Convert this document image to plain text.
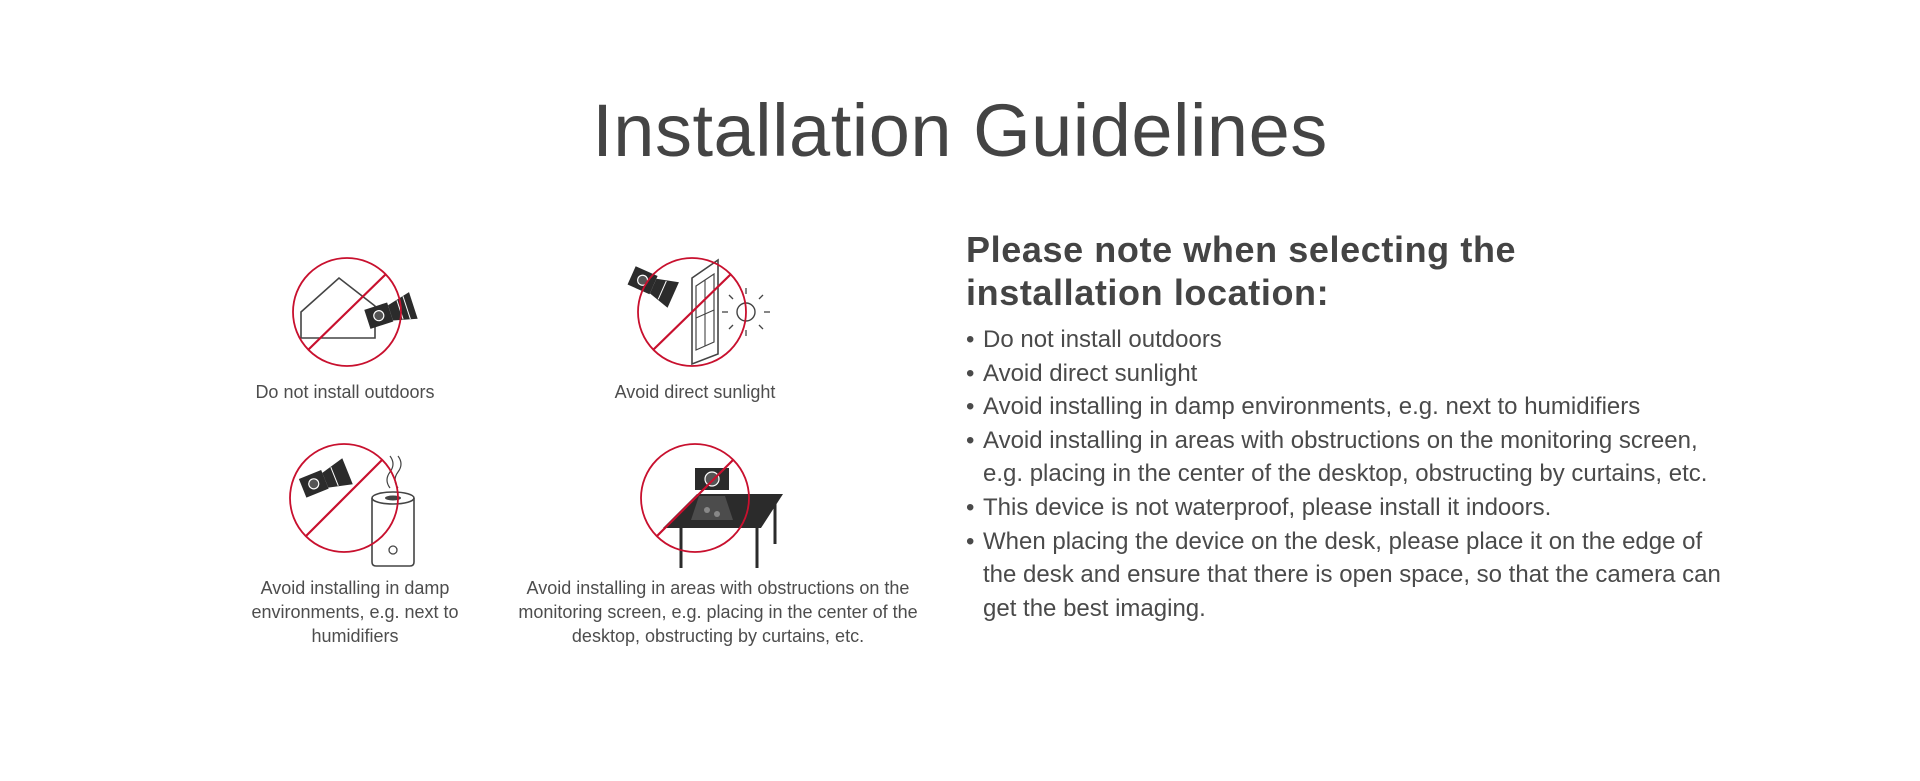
Installation Guidelines
Do not install outdoors	Avoid direct sunlight
Avoid installing in damp environments, e.g. next to humidifiers
Avoid installing in areas with obstructions on the monitoring screen, e.g. placing in the center of the desktop, obstructing by curtains, etc.
Please note when selecting the installation location:
• Do not install outdoors
• Avoid direct sunlight
• Avoid installing in damp environments, e.g. next to humidifiers
• Avoid installing in areas with obstructions on the monitoring screen, e.g. placing in the center of the desktop, obstructing by curtains, etc.
• This device is not waterproof, please install it indoors.
• When placing the device on the desk, please place it on the edge of the desk and ensure that there is open space, so that the camera can get the best imaging.
